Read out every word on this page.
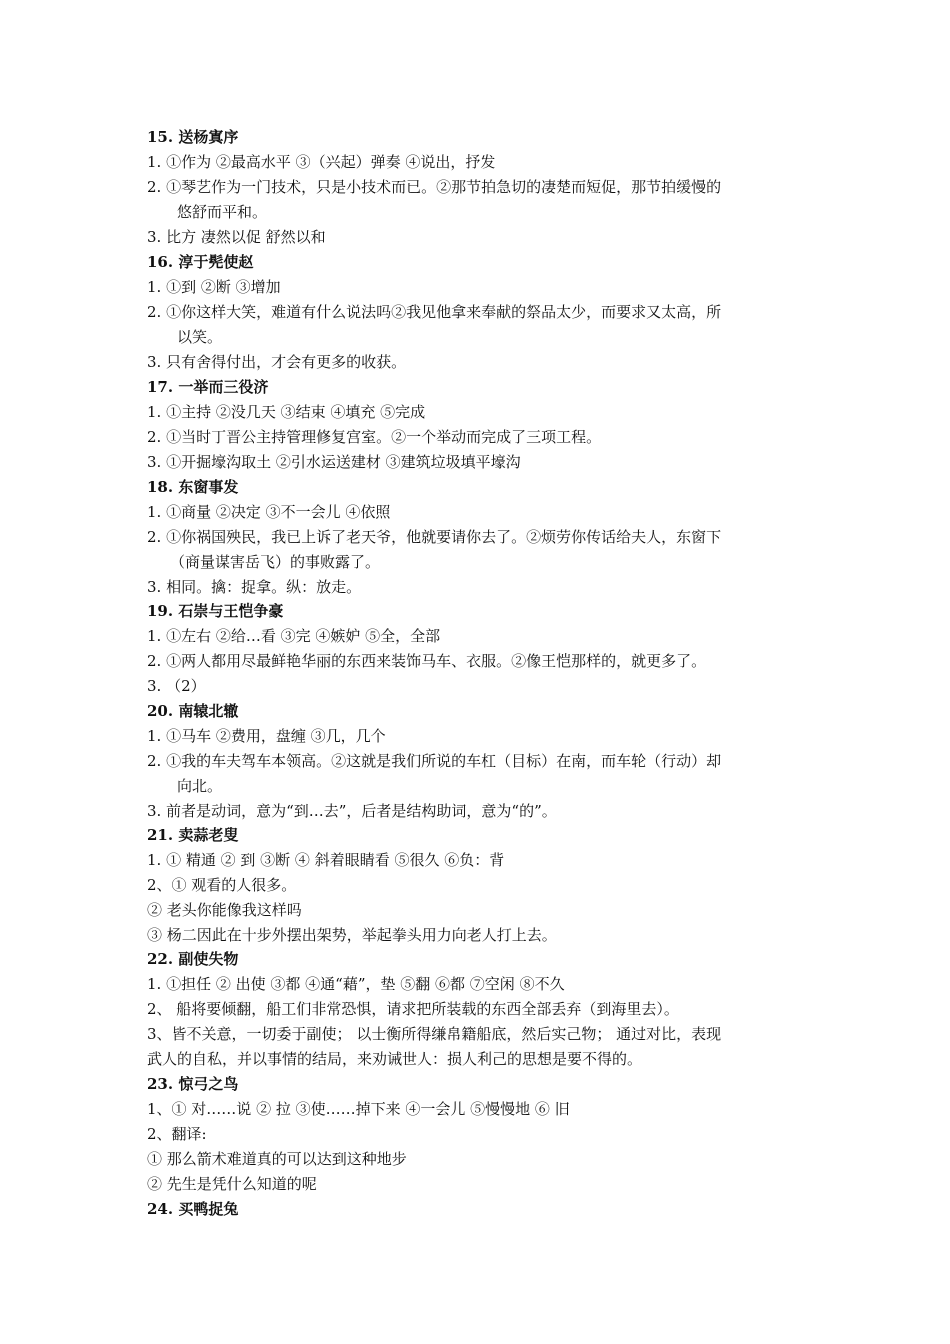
15. 送杨寘序
1. ①作为 ②最高水平 ③（兴起）弹奏 ④说出，抒发
2. ①琴艺作为一门技术，只是小技术而已。②那节拍急切的凄楚而短促，那节拍缓慢的
悠舒而平和。
3. 比方 凄然以促 舒然以和
16. 淳于髡使赵
1. ①到 ②断 ③增加
2. ①你这样大笑，难道有什么说法吗②我见他拿来奉献的祭品太少，而要求又太高，所
以笑。
3. 只有舍得付出，才会有更多的收获。
17. 一举而三役济
1. ①主持 ②没几天 ③结束 ④填充 ⑤完成
2. ①当时丁晋公主持管理修复宫室。②一个举动而完成了三项工程。
3. ①开掘壕沟取土 ②引水运送建材 ③建筑垃圾填平壕沟
18. 东窗事发
1. ①商量 ②决定 ③不一会儿 ④依照
2. ①你祸国殃民，我已上诉了老天爷，他就要请你去了。②烦劳你传话给夫人，东窗下
（商量谋害岳飞）的事败露了。
3. 相同。擒：捉拿。纵：放走。
19. 石崇与王恺争豪
1. ①左右 ②给…看 ③完 ④嫉妒 ⑤全，全部
2. ①两人都用尽最鲜艳华丽的东西来装饰马车、衣服。②像王恺那样的，就更多了。
3. （2）
20. 南辕北辙
1. ①马车 ②费用，盘缠 ③几，几个
2. ①我的车夫驾车本领高。②这就是我们所说的车杠（目标）在南，而车轮（行动）却
向北。
3. 前者是动词，意为“到…去”，后者是结构助词，意为“的”。
21. 卖蒜老叟
1. ① 精通 ② 到 ③断 ④ 斜着眼睛看 ⑤很久 ⑥负：背
2、① 观看的人很多。
② 老头你能像我这样吗
③ 杨二因此在十步外摆出架势，举起拳头用力向老人打上去。
22. 副使失物
1. ①担任 ② 出使 ③都 ④通“藉”，垫 ⑤翻 ⑥都 ⑦空闲 ⑧不久
2、 船将要倾翻，船工们非常恐惧，请求把所装载的东西全部丢弃（到海里去）。
3、皆不关意，一切委于副使； 以士衡所得缣帛籍船底，然后实己物； 通过对比，表现
武人的自私，并以事情的结局，来劝诫世人：损人利己的思想是要不得的。
23. 惊弓之鸟
1、① 对……说 ② 拉 ③使……掉下来 ④一会儿 ⑤慢慢地 ⑥ 旧
2、翻译:
① 那么箭术难道真的可以达到这种地步
② 先生是凭什么知道的呢
24. 买鸭捉兔
